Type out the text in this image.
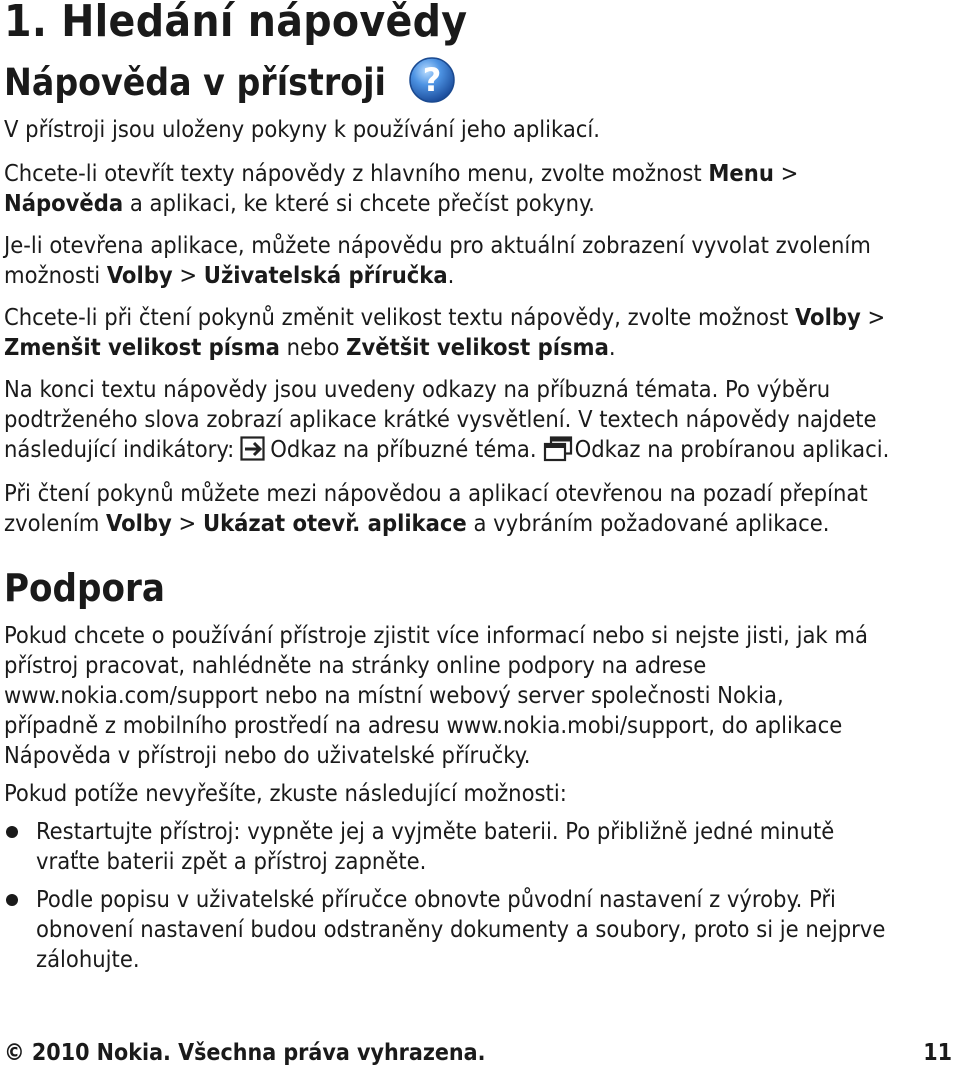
1. Hledání nápovědy
Nápověda v přístroji ?
V přístroji jsou uloženy pokyny k používání jeho aplikací.
Chcete-li otevřít texty nápovědy z hlavního menu, zvolte možnost Menu >
Nápověda a aplikaci, ke které si chcete přečíst pokyny.
Je-li otevřena aplikace, můžete nápovědu pro aktuální zobrazení vyvolat zvolením
možnosti Volby > Uživatelská příručka.
Chcete-li při čtení pokynů změnit velikost textu nápovědy, zvolte možnost Volby >
Zmenšit velikost písma nebo Zvětšit velikost písma.
Na konci textu nápovědy jsou uvedeny odkazy na příbuzná témata. Po výběru
podtrženého slova zobrazí aplikace krátké vysvětlení. V textech nápovědy najdete
následující indikátory: Odkaz na příbuzné téma. Odkaz na probíranou aplikaci.
Při čtení pokynů můžete mezi nápovědou a aplikací otevřenou na pozadí přepínat
zvolením Volby > Ukázat otevř. aplikace a vybráním požadované aplikace.
Podpora
Pokud chcete o používání přístroje zjistit více informací nebo si nejste jisti, jak má
přístroj pracovat, nahlédněte na stránky online podpory na adrese
www.nokia.com/support nebo na místní webový server společnosti Nokia,
případně z mobilního prostředí na adresu www.nokia.mobi/support, do aplikace
Nápověda v přístroji nebo do uživatelské příručky.
Pokud potíže nevyřešíte, zkuste následující možnosti:
Restartujte přístroj: vypněte jej a vyjměte baterii. Po přibližně jedné minutě
vraťte baterii zpět a přístroj zapněte.
Podle popisu v uživatelské příručce obnovte původní nastavení z výroby. Při
obnovení nastavení budou odstraněny dokumenty a soubory, proto si je nejprve
zálohujte.
© 2010 Nokia. Všechna práva vyhrazena.	11
